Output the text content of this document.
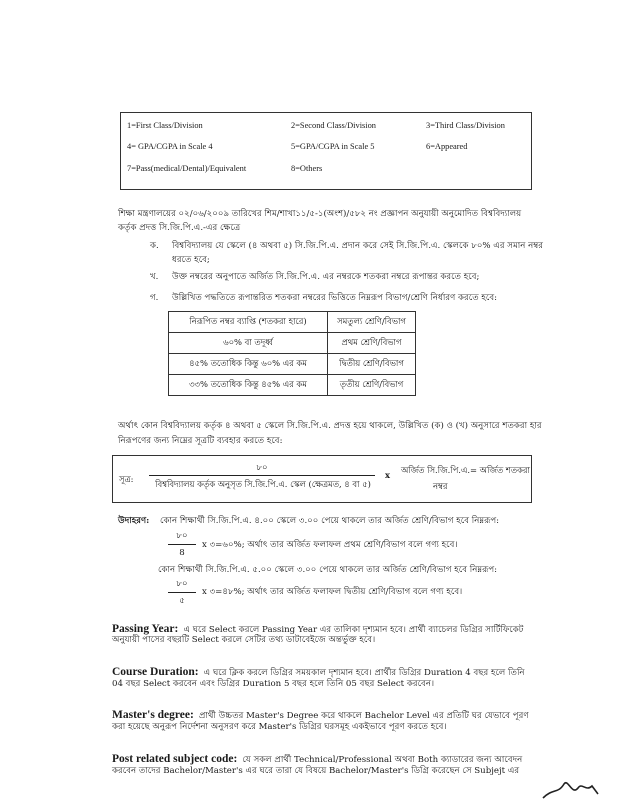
1=First Class/Division	2=Second Class/Division	3=Third Class/Division
4= GPA/CGPA in Scale 4	5=GPA/CGPA in Scale 5	6=Appeared
7=Pass(medical/Dental)/Equivalent	8=Others
শিক্ষা মন্ত্রণালয়ের ০২/০৬/২০০৯ তারিখের শিম/শাখা১১/৫-১(অংশ)/৫৮২ নং প্রজ্ঞাপন অনুযায়ী অনুমোদিত বিশ্ববিদ্যালয়
কর্তৃক প্রদত্ত সি.জি.পি.এ.-এর ক্ষেত্রে
ক. বিশ্ববিদ্যালয় যে স্কেলে (৪ অথবা ৫) সি.জি.পি.এ. প্রদান করে সেই সি.জি.পি.এ. স্কেলকে ৮০% এর সমান নম্বর
ধরতে হবে;
খ. উক্ত নম্বরের অনুপাতে অর্জিত সি.জি.পি.এ. এর নম্বরকে শতকরা নম্বরে রূপান্তর করতে হবে;
গ. উল্লিখিত পদ্ধতিতে রূপান্তরিত শতকরা নম্বরের ভিত্তিতে নিম্নরূপ বিভাগ/শ্রেণি নির্ধারণ করতে হবে:
নিরূপিত নম্বর ব্যাপ্তি (শতকরা হারে)	সমতুল্য শ্রেণি/বিভাগ
৬০% বা তদূর্ধ্ব	প্রথম শ্রেণি/বিভাগ
৪৫% ততোধিক কিন্তু ৬০% এর কম	দ্বিতীয় শ্রেণি/বিভাগ
৩৩% ততোধিক কিন্তু ৪৫% এর কম	তৃতীয় শ্রেণি/বিভাগ
অর্থাৎ কোন বিশ্ববিদ্যালয় কর্তৃক ৪ অথবা ৫ স্কেলে সি.জি.পি.এ. প্রদত্ত হয়ে থাকলে, উল্লিখিত (ক) ও (খ) অনুসারে শতকরা হার
নিরূপণের জন্য নিম্নের সূত্রটি ব্যবহার করতে হবে:
সূত্র:
৮০
বিশ্ববিদ্যালয় কর্তৃক অনুসৃত সি.জি.পি.এ. স্কেল (ক্ষেত্রমত, ৪ বা ৫)
x অর্জিত সি.জি.পি.এ.= অর্জিত শতকরা
নম্বর
উদাহরণ: কোন শিক্ষার্থী সি.জি.পি.এ. ৪.০০ স্কেলে ৩.০০ পেয়ে থাকলে তার অর্জিত শ্রেণি/বিভাগ হবে নিম্নরূপ:
৮০
8
x ৩=৬০%; অর্থাৎ তার অর্জিত ফলাফল প্রথম শ্রেণি/বিভাগ বলে গণ্য হবে।
কোন শিক্ষার্থী সি.জি.পি.এ. ৫.০০ স্কেলে ৩.০০ পেয়ে থাকলে তার অর্জিত শ্রেণি/বিভাগ হবে নিম্নরূপ:
৮০
৫
x ৩=৪৮%; অর্থাৎ তার অর্জিত ফলাফল দ্বিতীয় শ্রেণি/বিভাগ বলে গণ্য হবে।
Passing Year: এ ঘরে Select করলে Passing Year এর তালিকা দৃশ্যমান হবে। প্রার্থী ব্যাচেলর ডিগ্রির সার্টিফিকেট
অনুযায়ী পাসের বছরটি Select করলে সেটির তথ্য ডাটাবেইজে অন্তর্ভুক্ত হবে।
Course Duration: এ ঘরে ক্লিক করলে ডিগ্রির সময়কাল দৃশ্যমান হবে। প্রার্থীর ডিগ্রির Duration 4 বছর হলে তিনি
04 বছর Select করবেন এবং ডিগ্রির Duration 5 বছর হলে তিনি 05 বছর Select করবেন।
Master's degree: প্রার্থী উচ্চতর Master's Degree করে থাকলে Bachelor Level এর প্রতিটি ঘর যেভাবে পূরণ
করা হয়েছে অনুরূপ নির্দেশনা অনুসরণ করে Master's ডিগ্রির ঘরসমূহ একইভাবে পূরণ করতে হবে।
Post related subject code: যে সকল প্রার্থী Technical/Professional অথবা Both ক্যাডারের জন্য আবেদন
করবেন তাদের Bachelor/Master's এর ঘরে তারা যে বিষয়ে Bachelor/Master's ডিগ্রি করেছেন সে Subjejt এর
